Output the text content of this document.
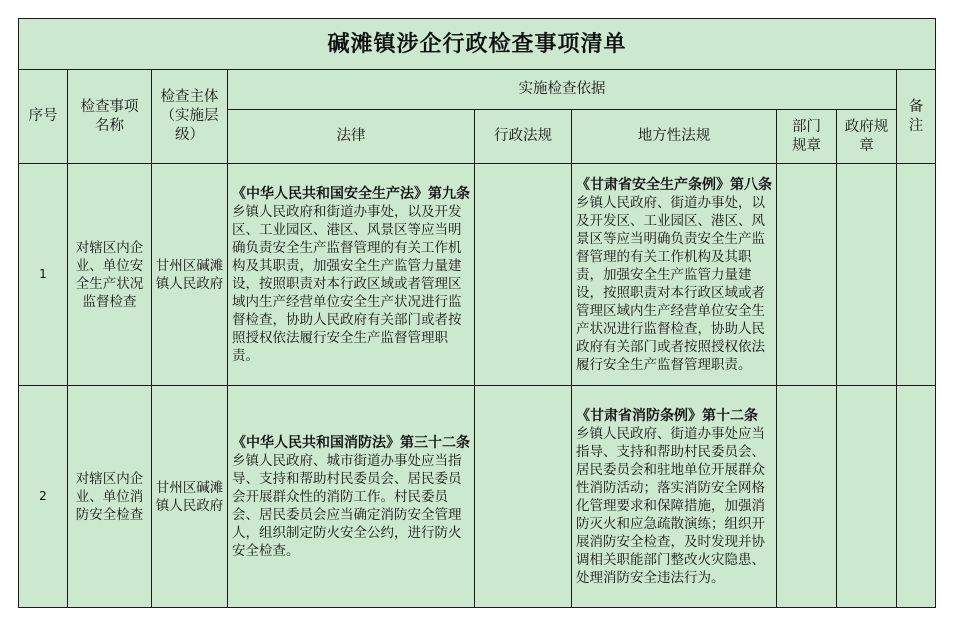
碱滩镇涉企行政检查事项清单								
序号	检查事项名称	检查主体（实施层级）	实施检查依据					备注
			法律	行政法规	地方性法规	部门规章	政府规章	
1	对辖区内企业、单位安全生产状况监督检查	甘州区碱滩镇人民政府	《中华人民共和国安全生产法》第九条 乡镇人民政府和街道办事处，以及开发区、工业园区、港区、风景区等应当明确负责安全生产监督管理的有关工作机构及其职责，加强安全生产监管力量建设，按照职责对本行政区域或者管理区域内生产经营单位安全生产状况进行监督检查，协助人民政府有关部门或者按照授权依法履行安全生产监督管理职责。		《甘肃省安全生产条例》第八条 乡镇人民政府、街道办事处，以及开发区、工业园区、港区、风景区等应当明确负责安全生产监督管理的有关工作机构及其职责，加强安全生产监管力量建设，按照职责对本行政区域或者管理区域内生产经营单位安全生产状况进行监督检查，协助人民政府有关部门或者按照授权依法履行安全生产监督管理职责。			
2	对辖区内企业、单位消防安全检查	甘州区碱滩镇人民政府	《中华人民共和国消防法》第三十二条 乡镇人民政府、城市街道办事处应当指导、支持和帮助村民委员会、居民委员会开展群众性的消防工作。村民委员会、居民委员会应当确定消防安全管理人，组织制定防火安全公约，进行防火安全检查。		《甘肃省消防条例》第十二条 乡镇人民政府、街道办事处应当指导、支持和帮助村民委员会、居民委员会和驻地单位开展群众性消防活动；落实消防安全网格化管理要求和保障措施，加强消防灭火和应急疏散演练；组织开展消防安全检查，及时发现并协调相关职能部门整改火灾隐患、处理消防安全违法行为。			
